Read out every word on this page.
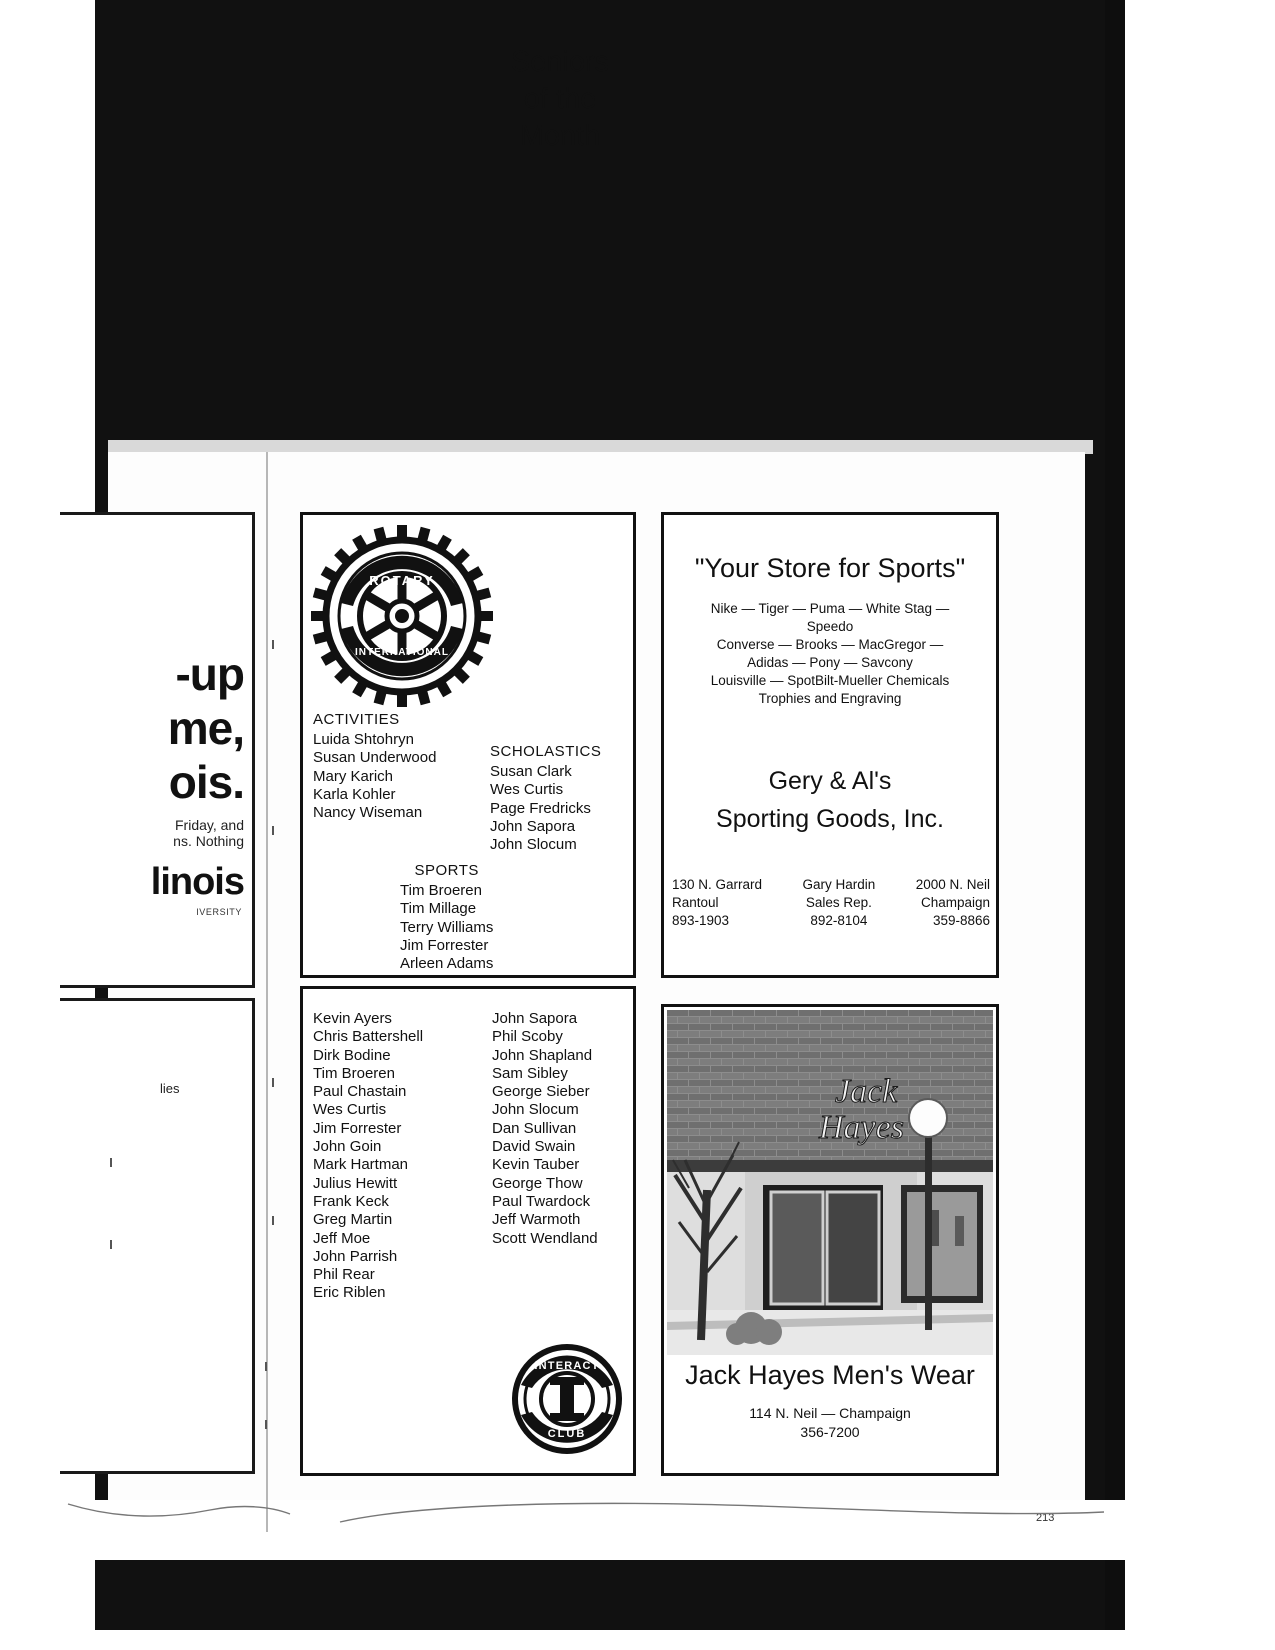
-up
me,
ois.
Friday, and
ns. Nothing
linois
IVERSITY
lies
ROTARY
INTERNATIONAL
Seniors
of the
Month
ACTIVITIES
Luida Shtohryn
Susan Underwood
Mary Karich
Karla Kohler
Nancy Wiseman
SCHOLASTICS
Susan Clark
Wes Curtis
Page Fredricks
John Sapora
John Slocum
SPORTS
Tim Broeren
Tim Millage
Terry Williams
Jim Forrester
Arleen Adams
Kevin Ayers
Chris Battershell
Dirk Bodine
Tim Broeren
Paul Chastain
Wes Curtis
Jim Forrester
John Goin
Mark Hartman
Julius Hewitt
Frank Keck
Greg Martin
Jeff Moe
John Parrish
Phil Rear
Eric Riblen
John Sapora
Phil Scoby
John Shapland
Sam Sibley
George Sieber
John Slocum
Dan Sullivan
David Swain
Kevin Tauber
George Thow
Paul Twardock
Jeff Warmoth
Scott Wendland
INTERACT
CLUB
"Your Store for Sports"
Nike — Tiger — Puma — White Stag —
Speedo
Converse — Brooks — MacGregor —
Adidas — Pony — Savcony
Louisville — SpotBilt-Mueller Chemicals
Trophies and Engraving
Gery & Al's
Sporting Goods, Inc.
130 N. Garrard
Rantoul
893-1903
Gary Hardin
Sales Rep.
892-8104
2000 N. Neil
Champaign
359-8866
Jack
Hayes
Jack Hayes Men's Wear
114 N. Neil — Champaign
356-7200
213
